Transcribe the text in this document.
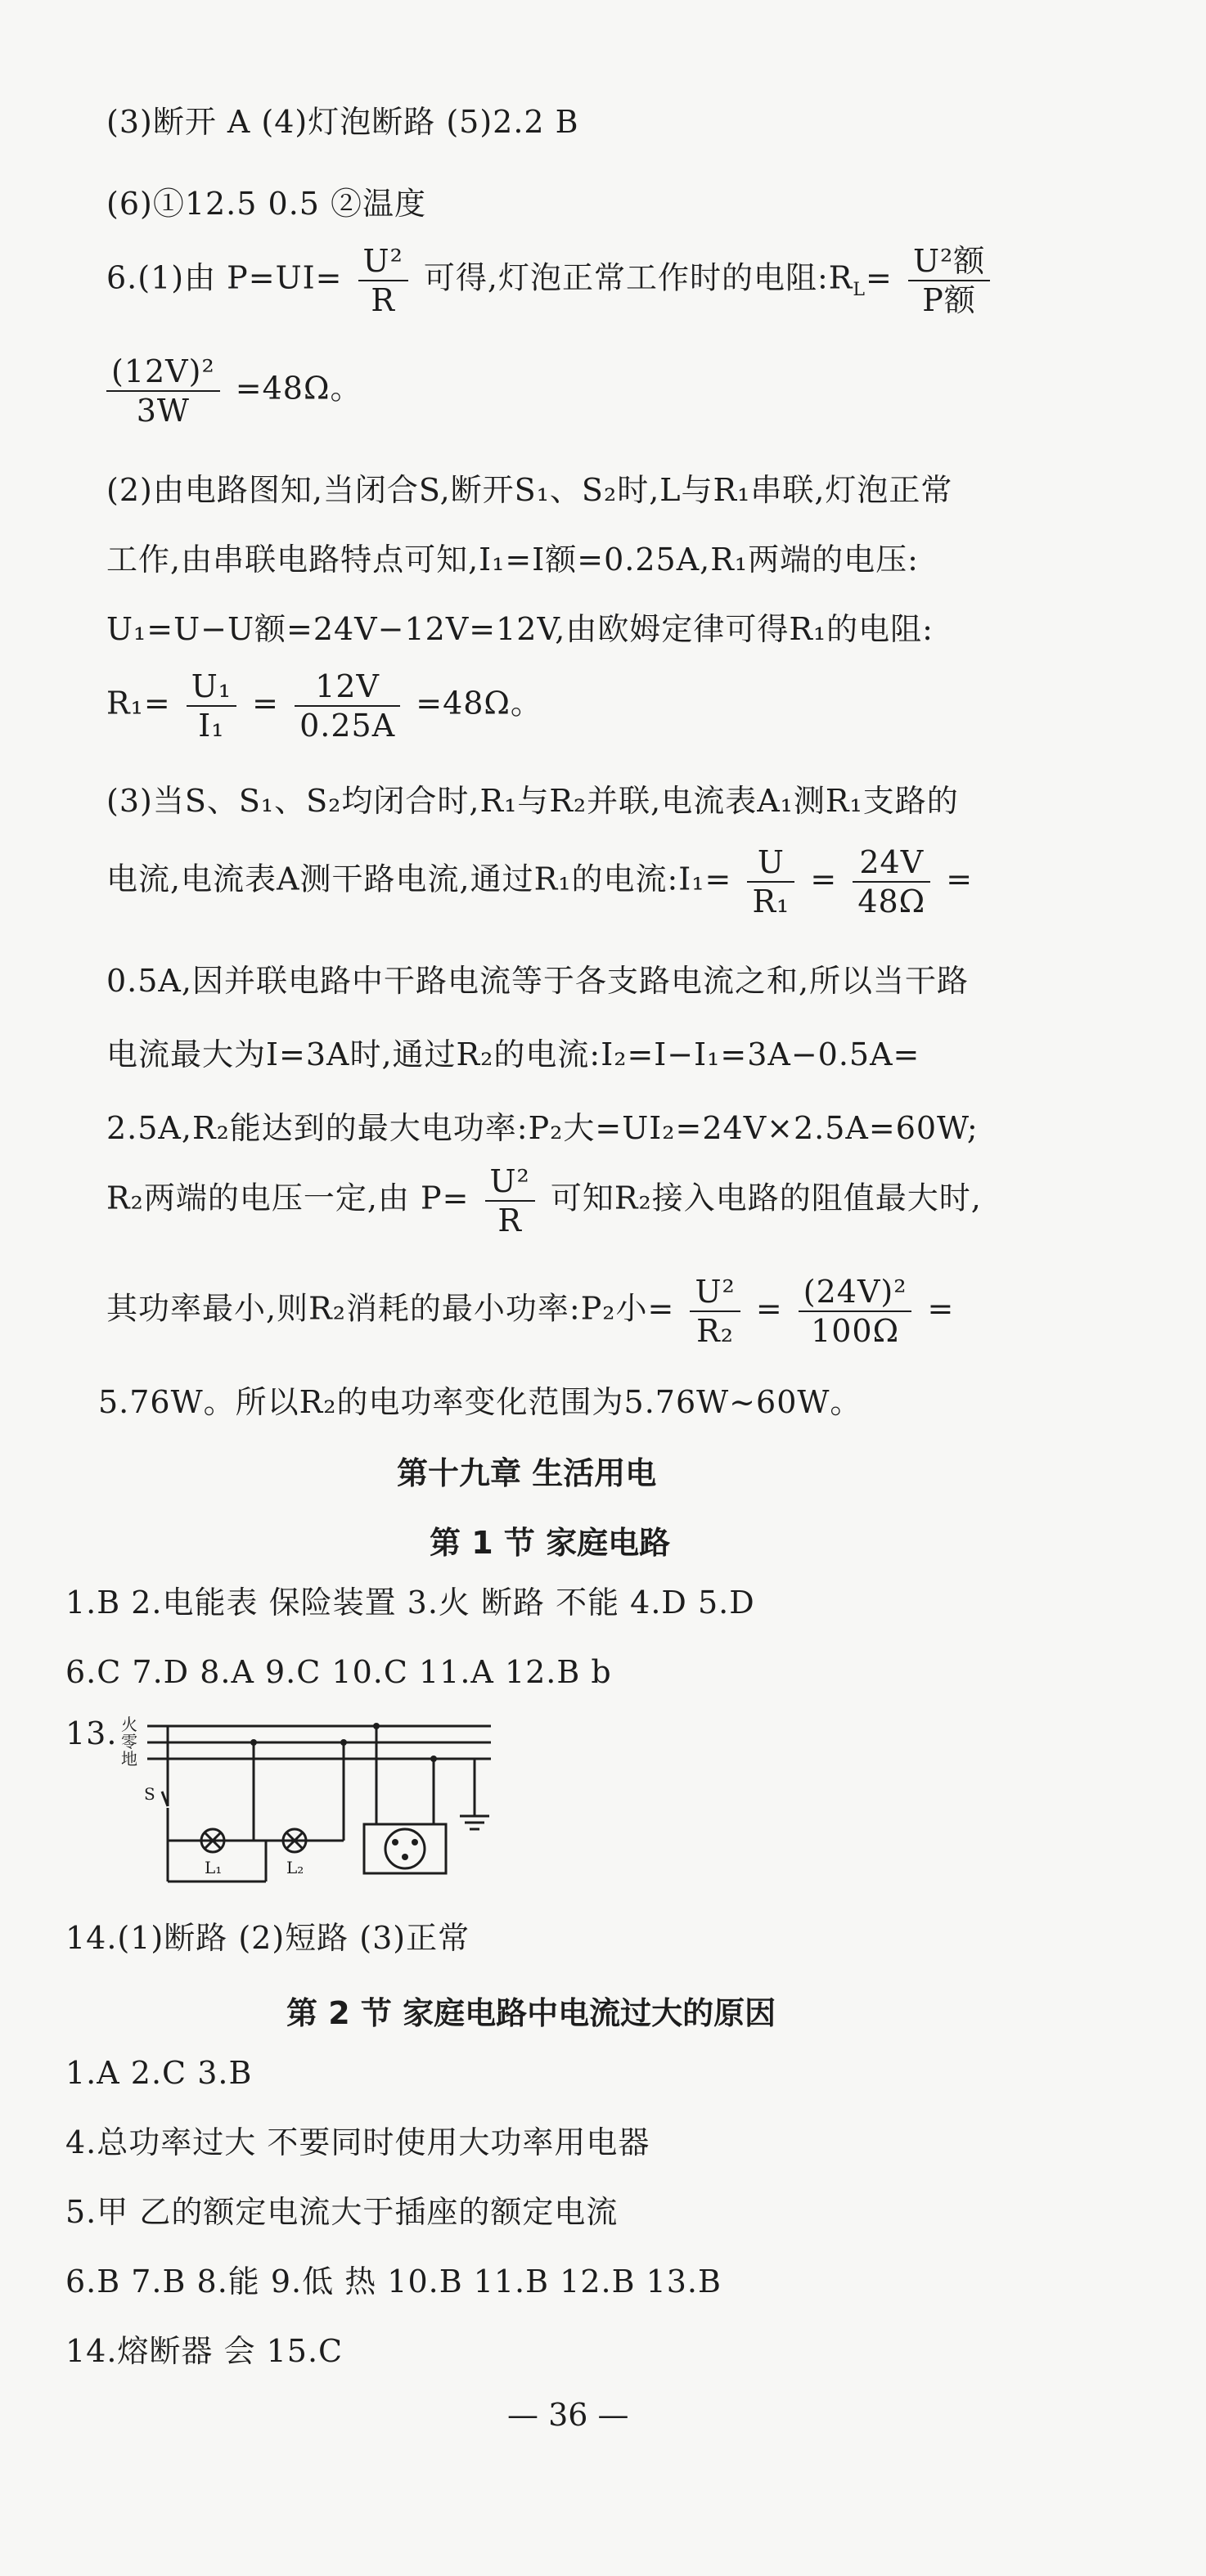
(3)断开 A (4)灯泡断路 (5)2.2 B
(6)①12.5 0.5 ②温度
6.(1)由 $P=UI= \frac{\text{U²}}{R}$ 可得,灯泡正常工作时的电阻$:R_L= \frac{\text{U²额}}{\text{P额}}$
$\frac{\text{(12V)²}}{3W} =48\Omega$。
(2)由电路图知,当闭合S,断开S₁、S₂时,L与R₁串联,灯泡正常
工作,由串联电路特点可知,I₁=I额=0.25A,R₁两端的电压:
U₁=U−U额=24V−12V=12V,由欧姆定律可得R₁的电阻:
$R_1= \frac{\text{U₁}}{\text{I₁}} = \frac{12V}{0.25A} =48\Omega$。
(3)当S、S₁、S₂均闭合时,R₁与R₂并联,电流表A₁测R₁支路的
电流,电流表A测干路电流,通过R₁的电流:I₁= $\frac{U}{\text{R₁}} = \frac{24V}{48\Omega}$ =
0.5A,因并联电路中干路电流等于各支路电流之和,所以当干路
电流最大为I=3A时,通过R₂的电流:I₂=I−I₁=3A−0.5A=
2.5A,R₂能达到的最大电功率:P₂大=UI₂=24V×2.5A=60W;
R₂两端的电压一定,由 $P= \frac{\text{U²}}{R}$ 可知R₂接入电路的阻值最大时,
其功率最小,则R₂消耗的最小功率:P₂小= $\frac{\text{U²}}{\text{R₂}} = \frac{\text{(24V)²}}{100\Omega}$ =
5.76W。所以R₂的电功率变化范围为5.76W~60W。
第十九章 生活用电
第 1 节 家庭电路
1.B 2.电能表 保险装置 3.火 断路 不能 4.D 5.D
6.C 7.D 8.A 9.C 10.C 11.A 12.B b
13. 火
零
地
S
L₁	L₂
14.(1)断路 (2)短路 (3)正常
第 2 节 家庭电路中电流过大的原因
1.A 2.C 3.B
4.总功率过大 不要同时使用大功率用电器
5.甲 乙的额定电流大于插座的额定电流
6.B 7.B 8.能 9.低 热 10.B 11.B 12.B 13.B
14.熔断器 会 15.C
— 36 —
